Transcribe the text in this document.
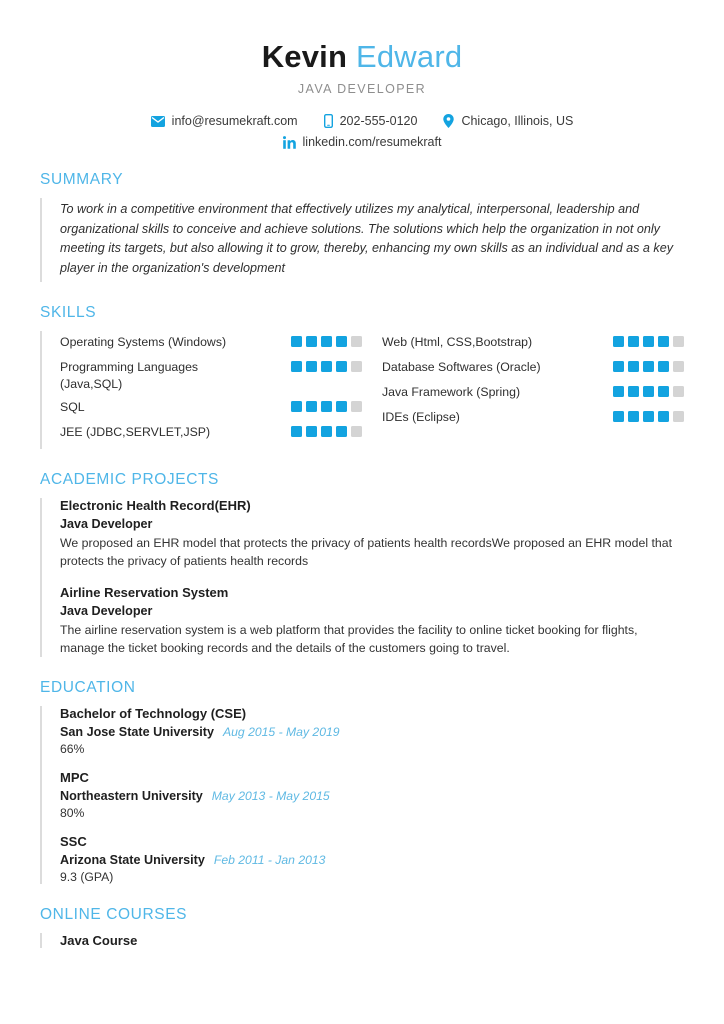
Kevin Edward
JAVA DEVELOPER
info@resumekraft.com	202-555-0120	Chicago, Illinois, US
linkedin.com/resumekraft
SUMMARY

To work in a competitive environment that effectively utilizes my analytical, interpersonal, leadership and organizational skills to conceive and achieve solutions. The solutions which help the organization in not only meeting its targets, but also allowing it to grow, thereby, enhancing my own skills as an individual and as a key player in the organization's development

SKILLS
Operating Systems (Windows)
Programming Languages (Java,SQL)
SQL
JEE (JDBC,SERVLET,JSP)
Web (Html, CSS,Bootstrap)
Database Softwares (Oracle)
Java Framework (Spring)
IDEs (Eclipse)
ACADEMIC PROJECTS
Electronic Health Record(EHR)
Java Developer

We proposed an EHR model that protects the privacy of patients health recordsWe proposed an EHR model that protects the privacy of patients health records

Airline Reservation System
Java Developer

The airline reservation system is a web platform that provides the facility to online ticket booking for flights, manage the ticket booking records and the details of the customers going to travel.

EDUCATION
Bachelor of Technology (CSE)
San Jose State University Aug 2015 - May 2019
66%
MPC
Northeastern University May 2013 - May 2015
80%
SSC
Arizona State University Feb 2011 - Jan 2013
9.3 (GPA)
ONLINE COURSES
Java Course
